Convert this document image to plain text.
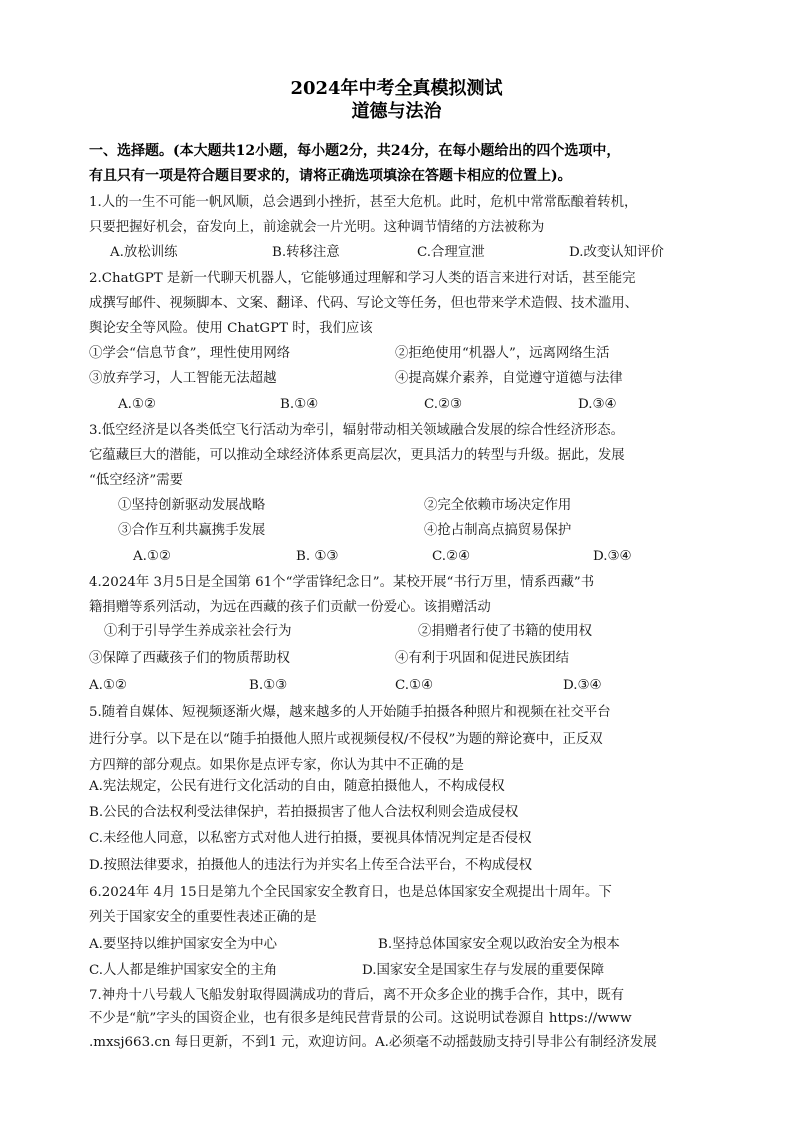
2024年中考全真模拟测试
道德与法治
一、选择题。(本大题共12小题，每小题2分，共24分，在每小题给出的四个选项中，
有且只有一项是符合题目要求的，请将正确选项填涂在答题卡相应的位置上)。
1.人的一生不可能一帆风顺，总会遇到小挫折，甚至大危机。此时，危机中常常酝酿着转机，
只要把握好机会，奋发向上，前途就会一片光明。这种调节情绪的方法被称为
A.放松训练	B.转移注意	C.合理宣泄	D.改变认知评价
2.ChatGPT 是新一代聊天机器人，它能够通过理解和学习人类的语言来进行对话，甚至能完
成撰写邮件、视频脚本、文案、翻译、代码、写论文等任务，但也带来学术造假、技术滥用、
舆论安全等风险。使用 ChatGPT 时，我们应该
①学会“信息节食”，理性使用网络	②拒绝使用“机器人”，远离网络生活
③放弃学习，人工智能无法超越	④提高媒介素养，自觉遵守道德与法律
A.①②	B.①④	C.②③	D.③④
3.低空经济是以各类低空飞行活动为牵引，辐射带动相关领域融合发展的综合性经济形态。
它蕴藏巨大的潜能，可以推动全球经济体系更高层次，更具活力的转型与升级。据此，发展
“低空经济”需要
①坚持创新驱动发展战略	②完全依赖市场决定作用
③合作互利共赢携手发展	④抢占制高点搞贸易保护
A.①②	B. ①③	C.②④	D.③④
4.2024年 3月5日是全国第 61个“学雷锋纪念日”。某校开展“书行万里，情系西藏”书
籍捐赠等系列活动，为远在西藏的孩子们贡献一份爱心。该捐赠活动
①利于引导学生养成亲社会行为	②捐赠者行使了书籍的使用权
③保障了西藏孩子们的物质帮助权	④有利于巩固和促进民族团结
A.①②	B.①③	C.①④	D.③④
5.随着自媒体、短视频逐渐火爆，越来越多的人开始随手拍摄各种照片和视频在社交平台
进行分享。以下是在以“随手拍摄他人照片或视频侵权/不侵权”为题的辩论赛中，正反双
方四辩的部分观点。如果你是点评专家，你认为其中不正确的是
A.宪法规定，公民有进行文化活动的自由，随意拍摄他人，不构成侵权
B.公民的合法权利受法律保护，若拍摄损害了他人合法权利则会造成侵权
C.未经他人同意，以私密方式对他人进行拍摄，要视具体情况判定是否侵权
D.按照法律要求，拍摄他人的违法行为并实名上传至合法平台，不构成侵权
6.2024年 4月 15日是第九个全民国家安全教育日，也是总体国家安全观提出十周年。下
列关于国家安全的重要性表述正确的是
A.要坚持以维护国家安全为中心	B.坚持总体国家安全观以政治安全为根本
C.人人都是维护国家安全的主角	D.国家安全是国家生存与发展的重要保障
7.神舟十八号载人飞船发射取得圆满成功的背后，离不开众多企业的携手合作，其中，既有
不少是“航”字头的国资企业，也有很多是纯民营背景的公司。这说明试卷源自 https://www
.mxsj663.cn 每日更新，不到1 元，欢迎访问。A.必须毫不动摇鼓励支持引导非公有制经济发展
